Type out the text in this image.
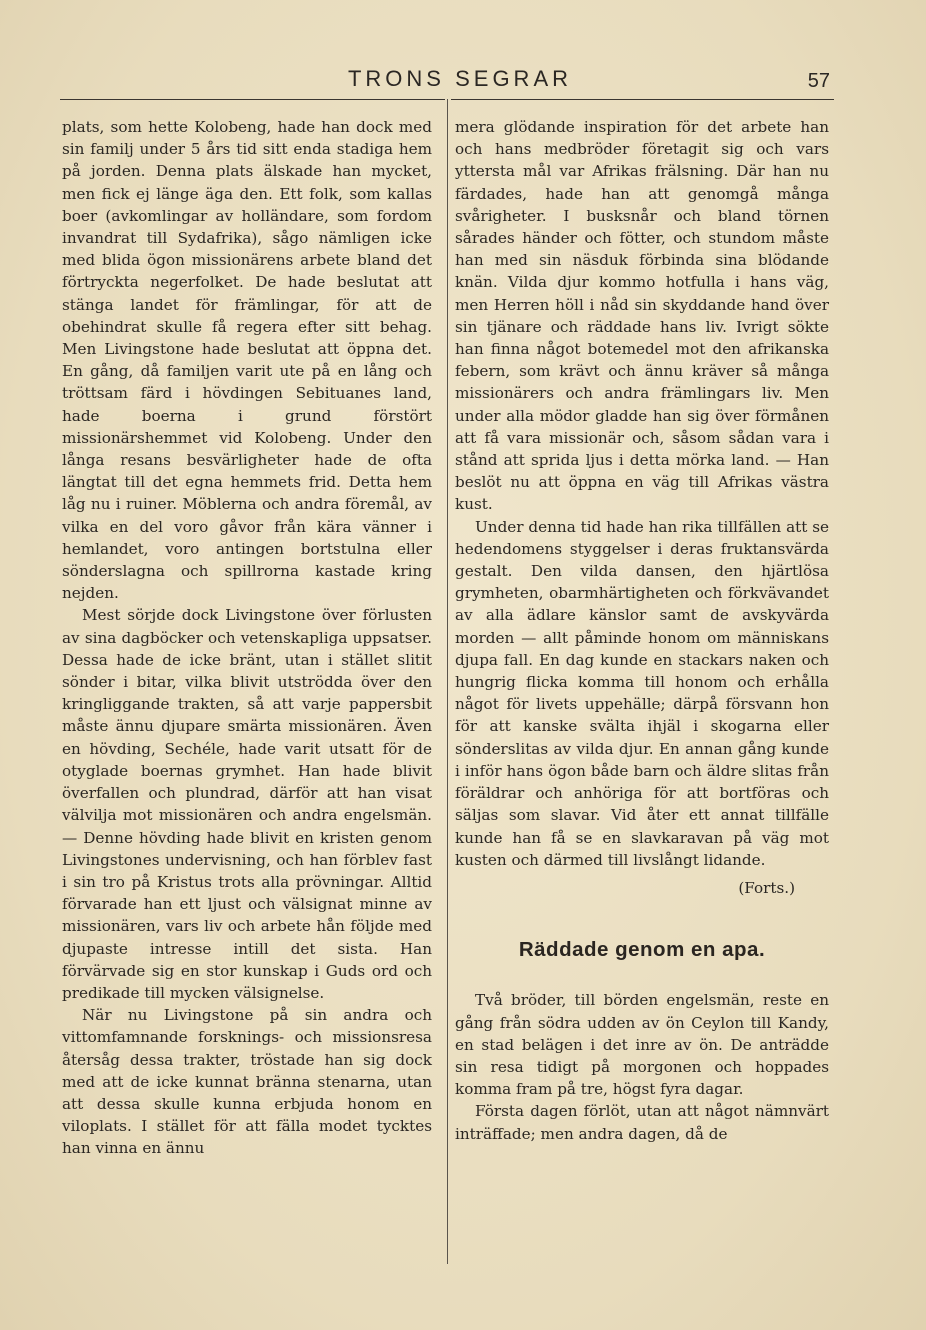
TRONS SEGRAR	57

plats, som hette Kolobeng, hade han dock med sin familj under 5 års tid sitt enda stadiga hem på jorden. Denna plats älskade han mycket, men fick ej länge äga den. Ett folk, som kallas boer (avkomlingar av holländare, som fordom invandrat till Sydafrika), sågo nämligen icke med blida ögon missionärens arbete bland det förtryckta negerfolket. De hade beslutat att stänga landet för främlingar, för att de obehindrat skulle få regera efter sitt behag. Men Livingstone hade beslutat att öppna det. En gång, då familjen varit ute på en lång och tröttsam färd i hövdingen Sebituanes land, hade boerna i grund förstört missionärshemmet vid Kolobeng. Under den långa resans besvärligheter hade de ofta längtat till det egna hemmets frid. Detta hem låg nu i ruiner. Möblerna och andra föremål, av vilka en del voro gåvor från kära vänner i hemlandet, voro antingen bortstulna eller sönderslagna och spillrorna kastade kring nejden.

Mest sörjde dock Livingstone över förlusten av sina dagböcker och vetenskapliga uppsatser. Dessa hade de icke bränt, utan i stället slitit sönder i bitar, vilka blivit utströdda över den kringliggande trakten, så att varje pappersbit måste ännu djupare smärta missionären. Även en hövding, Sechéle, hade varit utsatt för de otyglade boernas grymhet. Han hade blivit överfallen och plundrad, därför att han visat välvilja mot missionären och andra engelsmän. — Denne hövding hade blivit en kristen genom Livingstones undervisning, och han förblev fast i sin tro på Kristus trots alla prövningar. Alltid förvarade han ett ljust och välsignat minne av missionären, vars liv och arbete hån följde med djupaste intresse intill det sista. Han förvärvade sig en stor kunskap i Guds ord och predikade till mycken välsignelse.

När nu Livingstone på sin andra och vittomfamnande forsknings- och missionsresa återsåg dessa trakter, tröstade han sig dock med att de icke kunnat bränna stenarna, utan att dessa skulle kunna erbjuda honom en viloplats. I stället för att fälla modet tycktes han vinna en ännu

mera glödande inspiration för det arbete han och hans medbröder företagit sig och vars yttersta mål var Afrikas frälsning. Där han nu färdades, hade han att genomgå många svårigheter. I busksnår och bland törnen sårades händer och fötter, och stundom måste han med sin näsduk förbinda sina blödande knän. Vilda djur kommo hotfulla i hans väg, men Herren höll i nåd sin skyddande hand över sin tjänare och räddade hans liv. Ivrigt sökte han finna något botemedel mot den afrikanska febern, som krävt och ännu kräver så många missionärers och andra främlingars liv. Men under alla mödor gladde han sig över förmånen att få vara missionär och, såsom sådan vara i stånd att sprida ljus i detta mörka land. — Han beslöt nu att öppna en väg till Afrikas västra kust.

Under denna tid hade han rika tillfällen att se hedendomens styggelser i deras fruktansvärda gestalt. Den vilda dansen, den hjärtlösa grymheten, obarmhärtigheten och förkvävandet av alla ädlare känslor samt de avskyvärda morden — allt påminde honom om människans djupa fall. En dag kunde en stackars naken och hungrig flicka komma till honom och erhålla något för livets uppehälle; därpå försvann hon för att kanske svälta ihjäl i skogarna eller sönderslitas av vilda djur. En annan gång kunde i inför hans ögon både barn och äldre slitas från föräldrar och anhöriga för att bortföras och säljas som slavar. Vid åter ett annat tillfälle kunde han få se en slavkaravan på väg mot kusten och därmed till livslångt lidande.

(Forts.)

Räddade genom en apa.

Två bröder, till börden engelsmän, reste en gång från södra udden av ön Ceylon till Kandy, en stad belägen i det inre av ön. De anträdde sin resa tidigt på morgonen och hoppades komma fram på tre, högst fyra dagar.

Första dagen förlöt, utan att något nämnvärt inträffade; men andra dagen, då de
